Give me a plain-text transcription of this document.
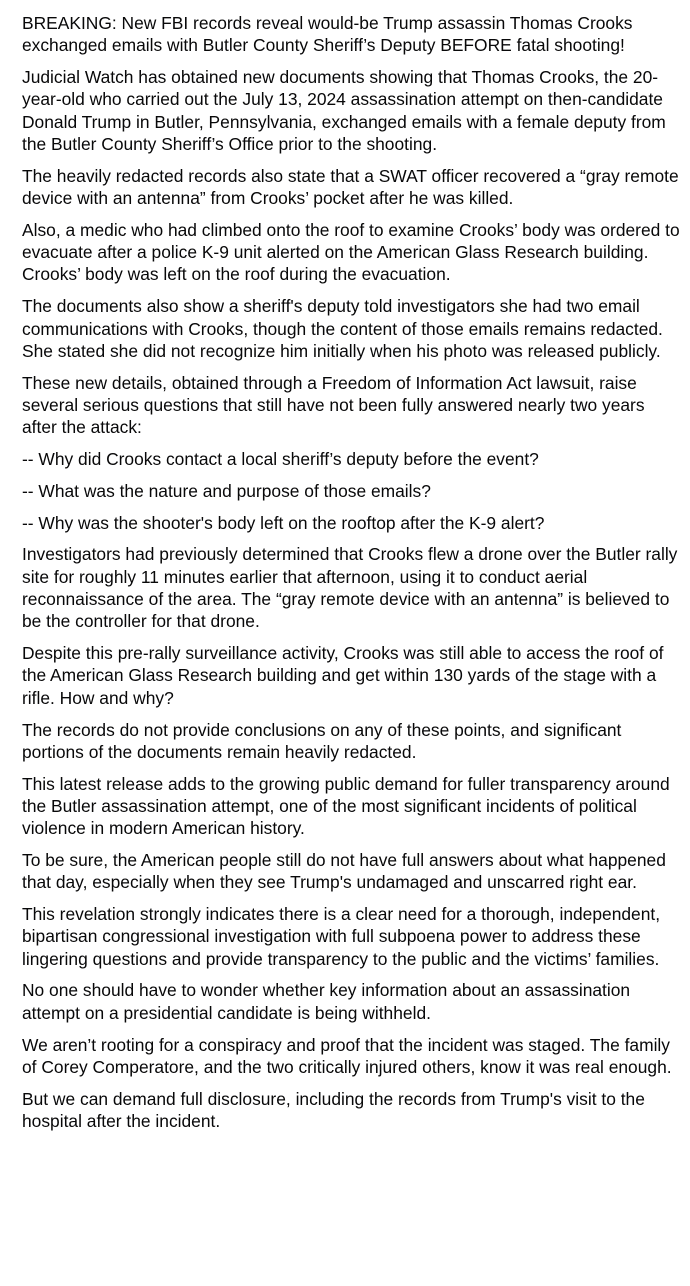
BREAKING: New FBI records reveal would-be Trump assassin Thomas Crooks exchanged emails with Butler County Sheriff’s Deputy BEFORE fatal shooting!

Judicial Watch has obtained new documents showing that Thomas Crooks, the 20-year-old who carried out the July 13, 2024 assassination attempt on then-candidate Donald Trump in Butler, Pennsylvania, exchanged emails with a female deputy from the Butler County Sheriff’s Office prior to the shooting.

The heavily redacted records also state that a SWAT officer recovered a “gray remote device with an antenna” from Crooks’ pocket after he was killed.

Also, a medic who had climbed onto the roof to examine Crooks’ body was ordered to evacuate after a police K-9 unit alerted on the American Glass Research building. Crooks’ body was left on the roof during the evacuation.

The documents also show a sheriff's deputy told investigators she had two email communications with Crooks, though the content of those emails remains redacted. She stated she did not recognize him initially when his photo was released publicly.

These new details, obtained through a Freedom of Information Act lawsuit, raise several serious questions that still have not been fully answered nearly two years after the attack:

-- Why did Crooks contact a local sheriff’s deputy before the event?

-- What was the nature and purpose of those emails?

-- Why was the shooter's body left on the rooftop after the K-9 alert?

Investigators had previously determined that Crooks flew a drone over the Butler rally site for roughly 11 minutes earlier that afternoon, using it to conduct aerial reconnaissance of the area. The “gray remote device with an antenna” is believed to be the controller for that drone.

Despite this pre-rally surveillance activity, Crooks was still able to access the roof of the American Glass Research building and get within 130 yards of the stage with a rifle. How and why?

The records do not provide conclusions on any of these points, and significant portions of the documents remain heavily redacted.

This latest release adds to the growing public demand for fuller transparency around the Butler assassination attempt, one of the most significant incidents of political violence in modern American history.

To be sure, the American people still do not have full answers about what happened that day, especially when they see Trump's undamaged and unscarred right ear.

This revelation strongly indicates there is a clear need for a thorough, independent, bipartisan congressional investigation with full subpoena power to address these lingering questions and provide transparency to the public and the victims’ families.

No one should have to wonder whether key information about an assassination attempt on a presidential candidate is being withheld.

We aren’t rooting for a conspiracy and proof that the incident was staged. The family of Corey Comperatore, and the two critically injured others, know it was real enough.

But we can demand full disclosure, including the records from Trump's visit to the hospital after the incident.
